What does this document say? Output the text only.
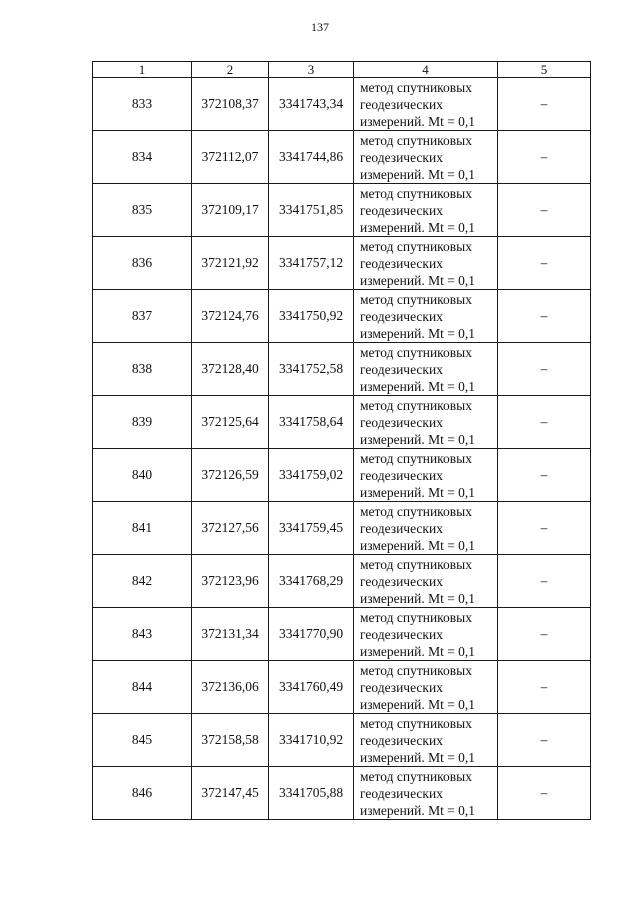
137
1	2	3	4	5
833	372108,37	3341743,34	метод спутниковых
геодезических
измерений. Mt = 0,1	–
834	372112,07	3341744,86	метод спутниковых
геодезических
измерений. Mt = 0,1	–
835	372109,17	3341751,85	метод спутниковых
геодезических
измерений. Mt = 0,1	–
836	372121,92	3341757,12	метод спутниковых
геодезических
измерений. Mt = 0,1	–
837	372124,76	3341750,92	метод спутниковых
геодезических
измерений. Mt = 0,1	–
838	372128,40	3341752,58	метод спутниковых
геодезических
измерений. Mt = 0,1	–
839	372125,64	3341758,64	метод спутниковых
геодезических
измерений. Mt = 0,1	–
840	372126,59	3341759,02	метод спутниковых
геодезических
измерений. Mt = 0,1	–
841	372127,56	3341759,45	метод спутниковых
геодезических
измерений. Mt = 0,1	–
842	372123,96	3341768,29	метод спутниковых
геодезических
измерений. Mt = 0,1	–
843	372131,34	3341770,90	метод спутниковых
геодезических
измерений. Mt = 0,1	–
844	372136,06	3341760,49	метод спутниковых
геодезических
измерений. Mt = 0,1	–
845	372158,58	3341710,92	метод спутниковых
геодезических
измерений. Mt = 0,1	–
846	372147,45	3341705,88	метод спутниковых
геодезических
измерений. Mt = 0,1	–
